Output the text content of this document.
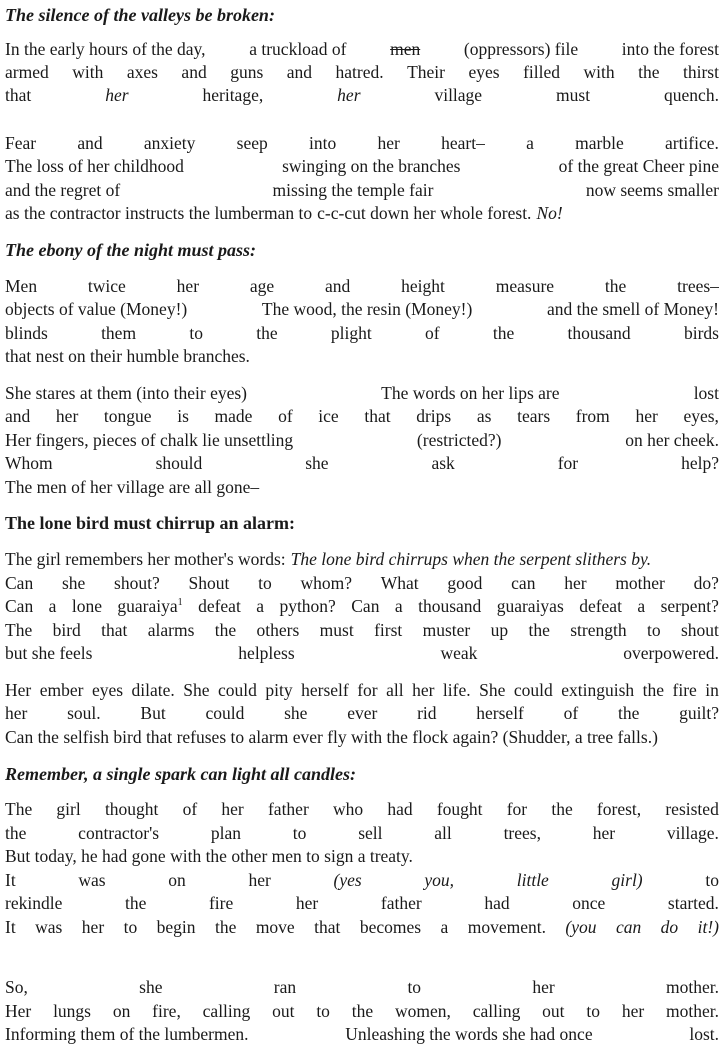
The silence of the valleys be broken:
In the early hours of the day, a truckload of men (oppressors) file into the forest
armed with axes and guns and hatred. Their eyes filled with the thirst
that	her	heritage,	her	village	must	quench.
Fear and anxiety seep into her heart– a marble artifice.
The loss of her childhood	swinging on the branches	of the great Cheer pine
and the regret of	missing the temple fair	now seems smaller
as the contractor instructs the lumberman to c-c-cut down her whole forest. No!
The ebony of the night must pass:
Men	twice	her	age	and	height	measure	the	trees–
objects of value (Money!)	The wood, the resin (Money!)	and the smell of Money!
blinds	them	to	the	plight	of	the	thousand	birds
that nest on their humble branches.
She stares at them (into their eyes)	The words on her lips are	lost
and her tongue is made of ice that drips as tears from her eyes,
Her fingers, pieces of chalk lie unsettling	(restricted?)	on her cheek.
Whom	should	she	ask	for	help?
The men of her village are all gone–
The lone bird must chirrup an alarm:
The girl remembers her mother's words: The lone bird chirrups when the serpent slithers by.
Can she shout? Shout to whom? What good can her mother do?
Can a lone guaraiya$^1$ defeat a python? Can a thousand guaraiyas defeat a serpent?
The bird that alarms the others must first muster up the strength to shout
but she feels	helpless	weak	overpowered.
Her ember eyes dilate. She could pity herself for all her life. She could extinguish the fire in
her soul. But could she ever rid herself of the guilt?
Can the selfish bird that refuses to alarm ever fly with the flock again? (Shudder, a tree falls.)
Remember, a single spark can light all candles:
The girl thought of her father who had fought for the forest, resisted
the	contractor's	plan	to	sell	all	trees,	her	village.
But today, he had gone with the other men to sign a treaty.
It	was	on	her	(yes	you,	little	girl)	to
rekindle	the	fire	her	father	had	once	started.
It was her to begin the move that becomes a movement. (you can do it!)
So,	she	ran	to	her	mother.
Her lungs on fire, calling out to the women, calling out to her mother.
Informing them of the lumbermen.	Unleashing the words she had once	lost.
